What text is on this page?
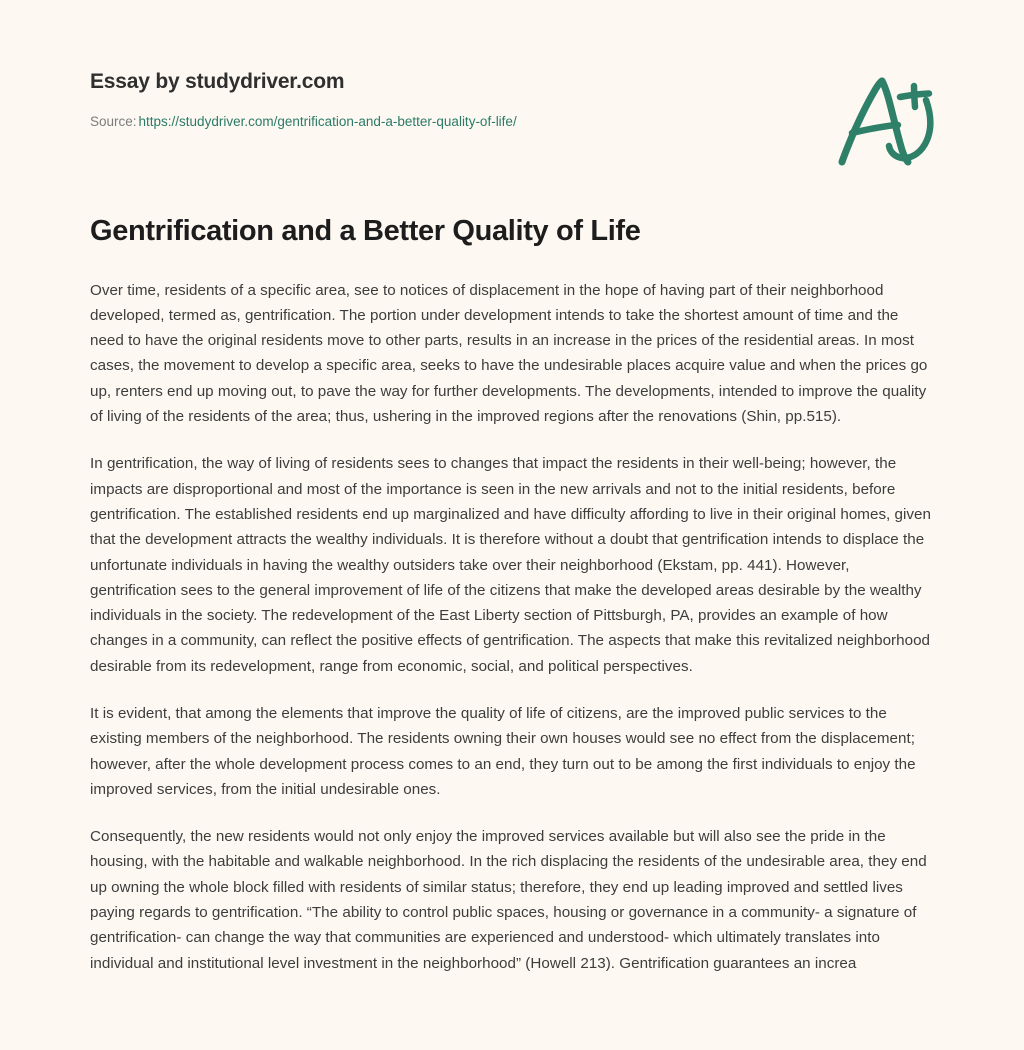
Essay by studydriver.com
Source: https://studydriver.com/gentrification-and-a-better-quality-of-life/
Gentrification and a Better Quality of Life

Over time, residents of a specific area, see to notices of displacement in the hope of having part of their neighborhood developed, termed as, gentrification. The portion under development intends to take the shortest amount of time and the need to have the original residents move to other parts, results in an increase in the prices of the residential areas. In most cases, the movement to develop a specific area, seeks to have the undesirable places acquire value and when the prices go up, renters end up moving out, to pave the way for further developments. The developments, intended to improve the quality of living of the residents of the area; thus, ushering in the improved regions after the renovations (Shin, pp.515).

In gentrification, the way of living of residents sees to changes that impact the residents in their well-being; however, the impacts are disproportional and most of the importance is seen in the new arrivals and not to the initial residents, before gentrification. The established residents end up marginalized and have difficulty affording to live in their original homes, given that the development attracts the wealthy individuals. It is therefore without a doubt that gentrification intends to displace the unfortunate individuals in having the wealthy outsiders take over their neighborhood (Ekstam, pp. 441). However, gentrification sees to the general improvement of life of the citizens that make the developed areas desirable by the wealthy individuals in the society. The redevelopment of the East Liberty section of Pittsburgh, PA, provides an example of how changes in a community, can reflect the positive effects of gentrification. The aspects that make this revitalized neighborhood desirable from its redevelopment, range from economic, social, and political perspectives.

It is evident, that among the elements that improve the quality of life of citizens, are the improved public services to the existing members of the neighborhood. The residents owning their own houses would see no effect from the displacement; however, after the whole development process comes to an end, they turn out to be among the first individuals to enjoy the improved services, from the initial undesirable ones.

Consequently, the new residents would not only enjoy the improved services available but will also see the pride in the housing, with the habitable and walkable neighborhood. In the rich displacing the residents of the undesirable area, they end up owning the whole block filled with residents of similar status; therefore, they end up leading improved and settled lives paying regards to gentrification. “The ability to control public spaces, housing or governance in a community- a signature of gentrification- can change the way that communities are experienced and understood- which ultimately translates into individual and institutional level investment in the neighborhood” (Howell 213). Gentrification guarantees an increa
